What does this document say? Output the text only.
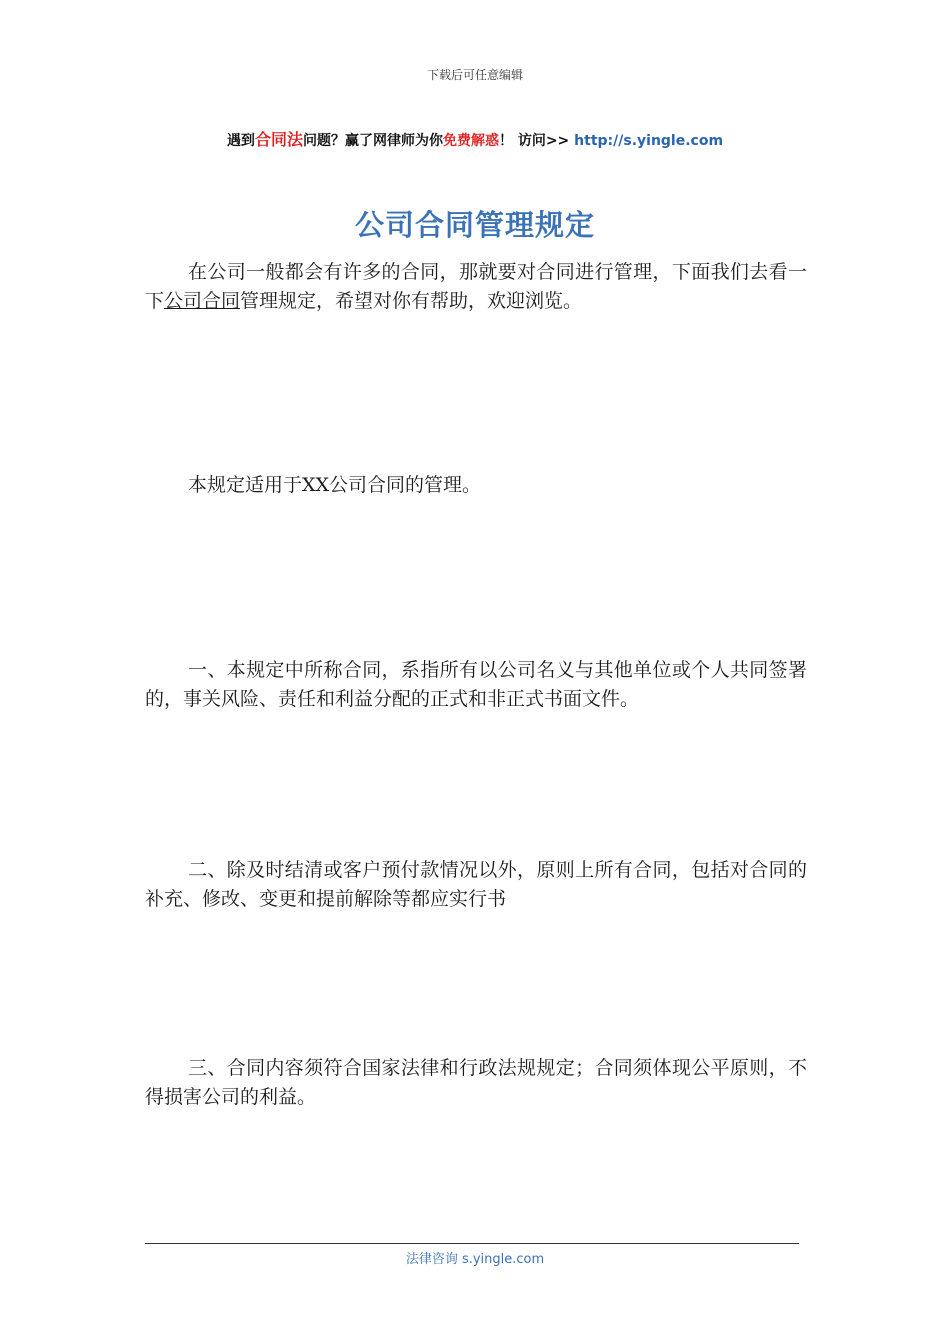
下载后可任意编辑
遇到合同法问题？赢了网律师为你免费解惑！ 访问>> http://s.yingle.com
公司合同管理规定
在公司一般都会有许多的合同，那就要对合同进行管理，下面我们去看一下公司合同管理规定，希望对你有帮助，欢迎浏览。
本规定适用于XX公司合同的管理。
一、本规定中所称合同，系指所有以公司名义与其他单位或个人共同签署的，事关风险、责任和利益分配的正式和非正式书面文件。
二、除及时结清或客户预付款情况以外，原则上所有合同，包括对合同的补充、修改、变更和提前解除等都应实行书
三、合同内容须符合国家法律和行政法规规定；合同须体现公平原则，不得损害公司的利益。
法律咨询 s.yingle.com
